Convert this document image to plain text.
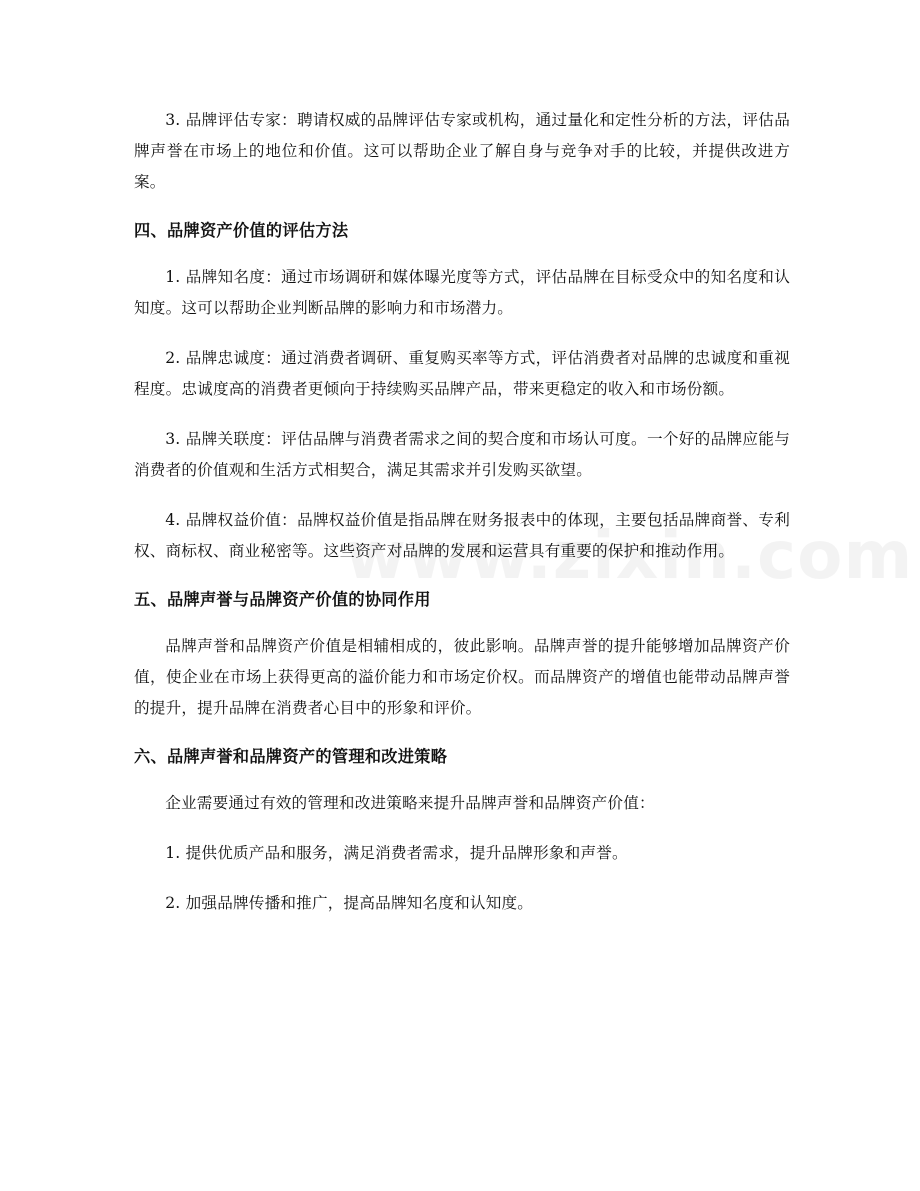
3. 品牌评估专家：聘请权威的品牌评估专家或机构，通过量化和定性分析的方法，评估品牌声誉在市场上的地位和价值。这可以帮助企业了解自身与竞争对手的比较，并提供改进方案。

四、品牌资产价值的评估方法

1. 品牌知名度：通过市场调研和媒体曝光度等方式，评估品牌在目标受众中的知名度和认知度。这可以帮助企业判断品牌的影响力和市场潜力。

2. 品牌忠诚度：通过消费者调研、重复购买率等方式，评估消费者对品牌的忠诚度和重视程度。忠诚度高的消费者更倾向于持续购买品牌产品，带来更稳定的收入和市场份额。

3. 品牌关联度：评估品牌与消费者需求之间的契合度和市场认可度。一个好的品牌应能与消费者的价值观和生活方式相契合，满足其需求并引发购买欲望。

4. 品牌权益价值：品牌权益价值是指品牌在财务报表中的体现，主要包括品牌商誉、专利权、商标权、商业秘密等。这些资产对品牌的发展和运营具有重要的保护和推动作用。

五、品牌声誉与品牌资产价值的协同作用

品牌声誉和品牌资产价值是相辅相成的，彼此影响。品牌声誉的提升能够增加品牌资产价值，使企业在市场上获得更高的溢价能力和市场定价权。而品牌资产的增值也能带动品牌声誉的提升，提升品牌在消费者心目中的形象和评价。

六、品牌声誉和品牌资产的管理和改进策略

企业需要通过有效的管理和改进策略来提升品牌声誉和品牌资产价值：

1. 提供优质产品和服务，满足消费者需求，提升品牌形象和声誉。

2. 加强品牌传播和推广，提高品牌知名度和认知度。
